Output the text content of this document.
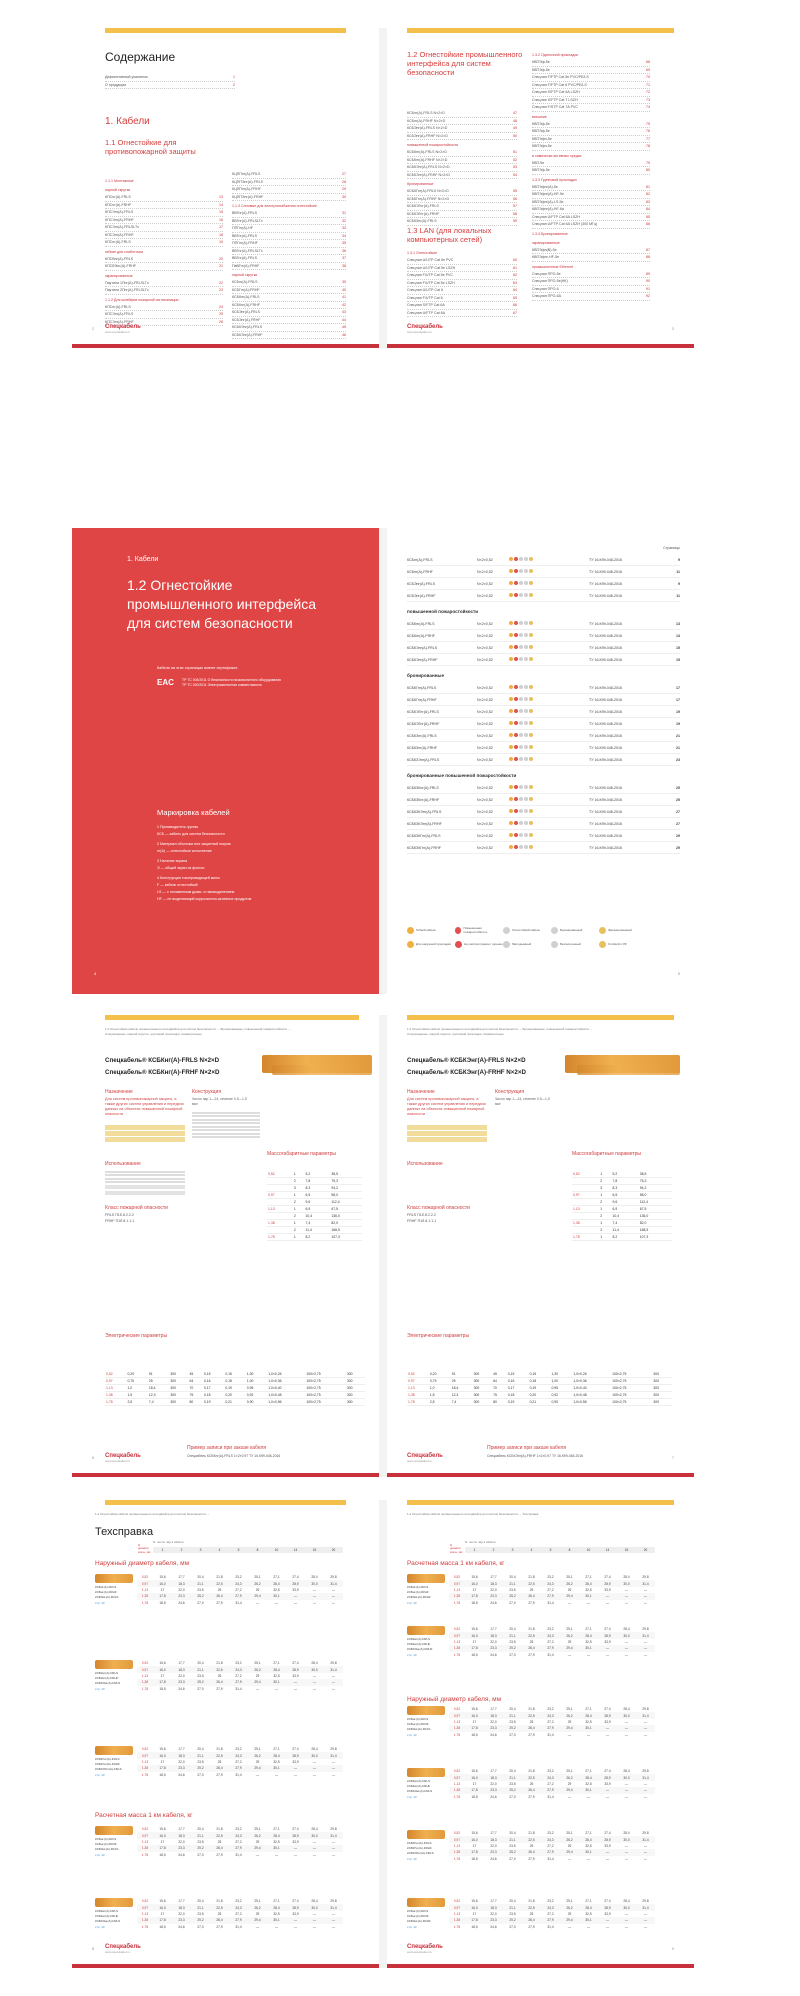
Содержание
Дефинитивный указатель	1
О продукции	2
1. Кабели
1.1 Огнестойкие для противопожарной защиты
1.1.1 Монтажные
парной скрутки
КПСнг(А)-FRLS	13
КПСнг(А)-FRHF	14
КПСЭнг(А)-FRLS	15
КПСЭнг(А)-FRHF	16
КПСЭнг(А)-FRLSLTx	17
КПСЭнг(А)-FRHF	18
КПСнг(А)-FRLS	19
гибкие для слаботочки
КПСВнг(А)-FRLS	20
КПСВЭнг(А)-FRHF	21
экранированные
Паутина 1Пнг(А)-FRLSLTx	22
Паутина 2Пнг(А)-FRLSLTx	23
1.1.2 Для шлейфов пожарной сигнализации
КПСнг(А)-FRLS	24
КПСЭнг(А)-FRLS	25
КПСЭнг(А)-FRHF	26
КЦППнг(А)-FRLS	27
КЦППЭнг(А)-FRLS	28
КЦППнг(А)-FRHF	29
КЦППЭнг(А)-FRHF	30
1.1.3 Силовые для электроснабжения огнестойкие
ВВГнг(А)-FRLS	31
ВВГнг(А)-FRLSLTx	32
ППГнг(А)-HF	33
ВВГнг(А)-FRLS	34
ППГнг(А)-FRHF	35
ВВГнг(А)-FRLSLTx	36
ВВГнг(А)-FRLS	37
ПвВГнг(А)-FRHF	38
парной скрутки
КСБнг(А)-FRLS	39
КСБГнг(А)-FRHF	40
КСБКнг(А)-FRLS	41
КСБКнг(А)-FRHF	42
КСБЭнг(А)-FRLS	43
КСБЭнг(А)-FRHF	44
КСБКЭнг(А)-FRLS	45
КСБКЭнг(А)-FRHF	46
2 Спецкабель
www.spetskabel.ru
1.2 Огнестойкие промышленного интерфейса для систем безопасности
КСБнг(А)-FRLS N×2×D	47
КСБнг(А)-FRHF N×2×D	48
КСБЭнг(А)-FRLS N×2×D	49
КСБЭнг(А)-FRHF N×2×D	50
повышенной пожаростойкости
КСБКнг(А)-FRLS N×2×D	51
КСБКнг(А)-FRHF N×2×D	52
КСБКЭнг(А)-FRLS N×2×D	53
КСБКЭнг(А)-FRHF N×2×D	54
бронированные
КСБКГнг(А)-FRLS N×2×D	55
КСБКГнг(А)-FRHF N×2×D	56
КСБКЭГнг(А)-FRLS	57
КСБКЭГнг(А)-FRHF	58
КСБКЗнг(А)-FRLS	59
1.3 LAN (для локальных компьютерных сетей)
1.3.1 Огнестойкие
Спецлан U/UTP Cat 5e PVC	60
Спецлан U/UTP Cat 5e LSZH	61
Спецлан F/UTP Cat 5e PVC	62
Спецлан F/UTP Cat 5e LSZH	63
Спецлан U/UTP Cat 6	64
Спецлан F/UTP Cat 6	65
Спецлан S/FTP Cat 6A	66
Спецлан U/FTP Cat 6A	67
1.3.2 Одиночной прокладки
КВПЭф-5е	68
КВПЭф-5е	69
Спецлан F/FTP Cat 5e PVC/PE/LS	70
Спецлан F/FTP Cat 6 PVC/PE/LS	71
Спецлан S/FTP Cat 6A LSZH	72
Спецлан S/FTP Cat 7 LSZH	73
Спецлан F/STP Cat 7A PVC	74
внешние
КВПЭф-5е	75
КВПЭф-5е	76
КВПЭфп-5е	77
КВПЭфп-5е	78
в химически активных средах
КВП-5е	79
КВПЭф-5е	80
1.3.3 Групповой прокладки
КВПЭфнг(А)-5е	81
КВПЭфнг(А)-HF-5е	82
КВПЭфнг(А)-LS-5е	83
КВПЭфнг(А)-HF-6а	84
Спецлан U/FTP Cat 6A LSZH	85
Спецлан U/FTP Cat 6A LSZH (300 МГц)	86
1.3.4 Бронированные
экранированные
КВПЭфн(В)-5е	87
КВПЭфнг-HF-5е	88
промышленные Ethernet
Спецлан ПРО-5е	89
Спецлан ПРО-5е(НК)	90
Спецлан ПРО-6	91
Спецлан ПРО-6А	92
3
Спецкабель
www.spetskabel.ru
1. Кабели
1.2 Огнестойкие промышленного интерфейса для систем безопасности
Кабели на этих страницах имеют сертификат:
EAC ТР ТС 004/2011 О безопасности низковольтного оборудования
ТР ТС 020/2011 Электромагнитная совместимость
Маркировка кабелей
1 Производитель группы
КСБ — кабель для систем безопасности
2 Материал оболочки или защитный покров
нг(А) — огнестойкое исполнение
3 Наличие экрана
Э — общий экран из фольги
4 Конструкция токопроводящей жилы
F — кабель огнестойкий
LS — с пониженным дымо- и газовыделением
HF — не выделяющий коррозионно-активных продуктов
4
Страницы
КСБнг(А)-FRLS	N×2×0,52	ТУ 16.К99-048-2016	9
КСБнг(А)-FRHF	N×2×0,52	ТУ 16.К99-048-2016	11
КСБЭнг(А)-FRLS	N×2×0,52	ТУ 16.К99-048-2016	9
КСБЭнг(А)-FRHF	N×2×0,52	ТУ 16.К99-048-2016	11
повышенной пожаростойкости
КСБКнг(А)-FRLS	N×2×0,52	ТУ 16.К99-048-2016	13
КСБКнг(А)-FRHF	N×2×0,52	ТУ 16.К99-048-2016	13
КСБКЭнг(А)-FRLS	N×2×0,52	ТУ 16.К99-048-2016	15
КСБКЭнг(А)-FRHF	N×2×0,52	ТУ 16.К99-048-2016	15
бронированные
КСБКГнг(А)-FRLS	N×2×0,52	ТУ 16.К99-048-2016	17
КСБКГнг(А)-FRHF	N×2×0,52	ТУ 16.К99-048-2016	17
КСБКЭГнг(А)-FRLS	N×2×0,52	ТУ 16.К99-048-2016	19
КСБКЭГнг(А)-FRHF	N×2×0,52	ТУ 16.К99-048-2016	19
КСБКЗнг(А)-FRLS	N×2×0,52	ТУ 16.К99-048-2016	21
КСБКЗнг(А)-FRHF	N×2×0,52	ТУ 16.К99-048-2016	21
КСБКЗЭнг(А)-FRLS	N×2×0,52	ТУ 16.К99-048-2016	23
бронированные повышенной пожаростойкости
КСБКЗКнг(А)-FRLS	N×2×0,52	ТУ 16.К99-048-2016	25
КСБКЗКнг(А)-FRHF	N×2×0,52	ТУ 16.К99-048-2016	25
КСБКЗКЭнг(А)-FRLS	N×2×0,52	ТУ 16.К99-048-2016	27
КСБКЗКЭнг(А)-FRHF	N×2×0,52	ТУ 16.К99-048-2016	27
КСБКЗКГнг(А)-FRLS	N×2×0,52	ТУ 16.К99-048-2016	29
КСБКЗКГнг(А)-FRHF	N×2×0,52	ТУ 16.К99-048-2016	29
Гибкий кабель	Повышенная пожаростойкость	Огнестойкий кабель	Бронированный	Экранированный
Для наружной прокладки	Не распространяет горение	Малодымный	Безгалогенный	Стойкий к УФ
5
1.2 Огнестойкие кабели промышленного интерфейса для систем безопасности → Бронированные, повышенной пожаростойкости → Стационарные, парной скрутки, групповой прокладки, симметричные
Спецкабель® КСБКнг(А)-FRLS N×2×D
Спецкабель® КСБКнг(А)-FRHF N×2×D
Назначение
Для систем противопожарной защиты, а также других систем управления и передачи данных на объектах повышенной пожарной опасности
Использование
Класс пожарной опасности
FRLS П1б.8.2.2.2
FRHF П1б.8.1.1.1
Конструкция
Число пар 1—24, сечение 0,5—1,5 мм²
Массогабаритные параметры
0,52	1	5,2	38,5
	2	7,8	75,3
	3	8,3	94,2
0,97	1	6,5	58,0
	2	9,6	112,4
1,13	1	6,9	67,5
	2	10,4	136,0
1,38	1	7,4	82,0
	2	11,4	168,5
1,78	1	8,2	107,3
Электрические параметры
0,52	0,20	91	300	45	0,15	0,15	1,30	1,0×0,26	100×2,75	300
0,97	0,75	25	300	64	0,16	0,18	1,00	1,0×0,36	100×2,75	300
1,13	1,0	18,4	300	70	0,17	0,19	0,95	1,0×0,40	100×2,75	300
1,38	1,5	12,3	300	75	0,18	0,20	0,92	1,0×0,48	100×2,75	300
1,78	2,5	7,4	300	80	0,19	0,21	0,90	1,0×0,56	100×2,75	300
Пример записи при заказе кабеля
Спецкабель КСБКнг(А)-FRLS 1×2×0,97 ТУ 16.К99-048-2016
6 Спецкабель
www.spetskabel.ru
1.2 Огнестойкие кабели промышленного интерфейса для систем безопасности → Бронированные, повышенной пожаростойкости → Стационарные, парной скрутки, групповой прокладки, симметричные
Спецкабель® КСБКЭнг(А)-FRLS N×2×D
Спецкабель® КСБКЭнг(А)-FRHF N×2×D
Назначение
Для систем противопожарной защиты, а также других систем управления и передачи данных на объектах повышенной пожарной опасности
Использование
Класс пожарной опасности
FRLS П1б.8.2.2.2
FRHF П1б.8.1.1.1
Конструкция
Число пар 1—24, сечение 0,5—1,5 мм²
Массогабаритные параметры
0,52	1	5,2	38,5
	2	7,8	75,3
	3	8,3	94,2
0,97	1	6,5	58,0
	2	9,6	112,4
1,13	1	6,9	67,5
	2	10,4	136,0
1,38	1	7,4	82,0
	2	11,4	168,5
1,78	1	8,2	107,3
Электрические параметры
0,52	0,20	91	300	45	0,15	0,15	1,30	1,0×0,26	100×2,75	300
0,97	0,75	25	300	64	0,16	0,18	1,00	1,0×0,36	100×2,75	300
1,13	1,0	18,4	300	70	0,17	0,19	0,95	1,0×0,40	100×2,75	300
1,38	1,5	12,3	300	75	0,18	0,20	0,92	1,0×0,48	100×2,75	300
1,78	2,5	7,4	300	80	0,19	0,21	0,90	1,0×0,56	100×2,75	300
Пример записи при заказе кабеля
Спецкабель КСБКЭнг(А)-FRHF 1×2×0,97 ТУ 16.К99-048-2016	7
Спецкабель
www.spetskabel.ru
1.2 Огнестойкие кабели промышленного интерфейса для систем безопасности →
Техсправка
Наружный диаметр кабеля, мм
Расчетная масса 1 км кабеля, кг
N, число пар в кабеле
D, диаметр жилы, мм	1	2	3	4	5	8	10	14	16	20
КСБнг(А)-FRLS
КСБнг(А)-FRHF
КСБЭнг(А)-FRLS
стр. 13
0,52	15,6	17,7	20,4	21,8	23,2	25,1	27,1	27,4	28,4	29,8
0,97	16,0	18,3	21,1	22,5	24,3	26,2	28,4	28,9	30,0	31,4
1,13	17	22,0	23,5	25	27,2	29	32,5	33,9	—	—
1,38	17,8	23,3	25,2	26,4	27,9	29,4	30,1	—	—	—
1,78	18,5	24,6	27,0	27,9	31,4	—	—	—	—	—
КСБКнг(А)-FRLS
КСБКнг(А)-FRHF
КСБКЭнг(А)-FRLS
стр. 13
0,52	15,6	17,7	20,4	21,8	23,2	25,1	27,1	27,4	28,4	29,8
0,97	16,0	18,3	21,1	22,5	24,3	26,2	28,4	28,9	30,0	31,4
1,13	17	22,0	23,5	25	27,2	29	32,5	33,9	—	—
1,38	17,8	23,3	25,2	26,4	27,9	29,4	30,1	—	—	—
1,78	18,5	24,6	27,0	27,9	31,4	—	—	—	—	—
КСБКГнг(А)-FRLS
КСБКГнг(А)-FRHF
КСБКЭГнг(А)-FRLS
стр. 13
0,52	15,6	17,7	20,4	21,8	23,2	25,1	27,1	27,4	28,4	29,8
0,97	16,0	18,3	21,1	22,5	24,3	26,2	28,4	28,9	30,0	31,4
1,13	17	22,0	23,5	25	27,2	29	32,5	33,9	—	—
1,38	17,8	23,3	25,2	26,4	27,9	29,4	30,1	—	—	—
1,78	18,5	24,6	27,0	27,9	31,4	—	—	—	—	—
КСБнг(А)-FRLS
КСБнг(А)-FRHF
КСБЭнг(А)-FRLS
стр. 13
0,52	15,6	17,7	20,4	21,8	23,2	25,1	27,1	27,4	28,4	29,8
0,97	16,0	18,3	21,1	22,5	24,3	26,2	28,4	28,9	30,0	31,4
1,13	17	22,0	23,5	25	27,2	29	32,5	33,9	—	—
1,38	17,8	23,3	25,2	26,4	27,9	29,4	30,1	—	—	—
1,78	18,5	24,6	27,0	27,9	31,4	—	—	—	—	—
КСБКнг(А)-FRLS
КСБКнг(А)-FRHF
КСБКЭнг(А)-FRLS
стр. 13
0,52	15,6	17,7	20,4	21,8	23,2	25,1	27,1	27,4	28,4	29,8
0,97	16,0	18,3	21,1	22,5	24,3	26,2	28,4	28,9	30,0	31,4
1,13	17	22,0	23,5	25	27,2	29	32,5	33,9	—	—
1,38	17,8	23,3	25,2	26,4	27,9	29,4	30,1	—	—	—
1,78	18,5	24,6	27,0	27,9	31,4	—	—	—	—	—
8 Спецкабель
www.spetskabel.ru
1.2 Огнестойкие кабели промышленного интерфейса для систем безопасности → Техсправка
Расчетная масса 1 км кабеля, кг
Наружный диаметр кабеля, мм
N, число пар в кабеле
D, диаметр жилы, мм	1	2	3	4	5	8	10	14	16	20
КСБнг(А)-FRLS
КСБнг(А)-FRHF
КСБЭнг(А)-FRHF
стр. 13
0,52	15,6	17,7	20,4	21,8	23,2	25,1	27,1	27,4	28,4	29,8
0,97	16,0	18,3	21,1	22,5	24,3	26,2	28,4	28,9	30,0	31,4
1,13	17	22,0	23,5	25	27,2	29	32,5	33,9	—	—
1,38	17,8	23,3	25,2	26,4	27,9	29,4	30,1	—	—	—
1,78	18,5	24,6	27,0	27,9	31,4	—	—	—	—	—
КСБКнг(А)-FRLS
КСБКнг(А)-FRHF
КСБКЭнг(А)-FRHF
стр. 13
0,52	15,6	17,7	20,4	21,8	23,2	25,1	27,1	27,4	28,4	29,8
0,97	16,0	18,3	21,1	22,5	24,3	26,2	28,4	28,9	30,0	31,4
1,13	17	22,0	23,5	25	27,2	29	32,5	33,9	—	—
1,38	17,8	23,3	25,2	26,4	27,9	29,4	30,1	—	—	—
1,78	18,5	24,6	27,0	27,9	31,4	—	—	—	—	—
КСБнг(А)-FRLS
КСБнг(А)-FRHF
КСБЭнг(А)-FRLS
стр. 13
0,52	15,6	17,7	20,4	21,8	23,2	25,1	27,1	27,4	28,4	29,8
0,97	16,0	18,3	21,1	22,5	24,3	26,2	28,4	28,9	30,0	31,4
1,13	17	22,0	23,5	25	27,2	29	32,5	33,9	—	—
1,38	17,8	23,3	25,2	26,4	27,9	29,4	30,1	—	—	—
1,78	18,5	24,6	27,0	27,9	31,4	—	—	—	—	—
КСБКнг(А)-FRLS
КСБКнг(А)-FRHF
КСБКЭнг(А)-FRLS
стр. 13
0,52	15,6	17,7	20,4	21,8	23,2	25,1	27,1	27,4	28,4	29,8
0,97	16,0	18,3	21,1	22,5	24,3	26,2	28,4	28,9	30,0	31,4
1,13	17	22,0	23,5	25	27,2	29	32,5	33,9	—	—
1,38	17,8	23,3	25,2	26,4	27,9	29,4	30,1	—	—	—
1,78	18,5	24,6	27,0	27,9	31,4	—	—	—	—	—
КСБКГнг(А)-FRLS
КСБКГнг(А)-FRHF
КСБКЭГнг(А)-FRLS
стр. 13
0,52	15,6	17,7	20,4	21,8	23,2	25,1	27,1	27,4	28,4	29,8
0,97	16,0	18,3	21,1	22,5	24,3	26,2	28,4	28,9	30,0	31,4
1,13	17	22,0	23,5	25	27,2	29	32,5	33,9	—	—
1,38	17,8	23,3	25,2	26,4	27,9	29,4	30,1	—	—	—
1,78	18,5	24,6	27,0	27,9	31,4	—	—	—	—	—
КСБнг(А)-FRLS
КСБнг(А)-FRHF
КСБЭнг(А)-FRHF
стр. 13
0,52	15,6	17,7	20,4	21,8	23,2	25,1	27,1	27,4	28,4	29,8
0,97	16,0	18,3	21,1	22,5	24,3	26,2	28,4	28,9	30,0	31,4
1,13	17	22,0	23,5	25	27,2	29	32,5	33,9	—	—
1,38	17,8	23,3	25,2	26,4	27,9	29,4	30,1	—	—	—
1,78	18,5	24,6	27,0	27,9	31,4	—	—	—	—	—
9
Спецкабель
www.spetskabel.ru
